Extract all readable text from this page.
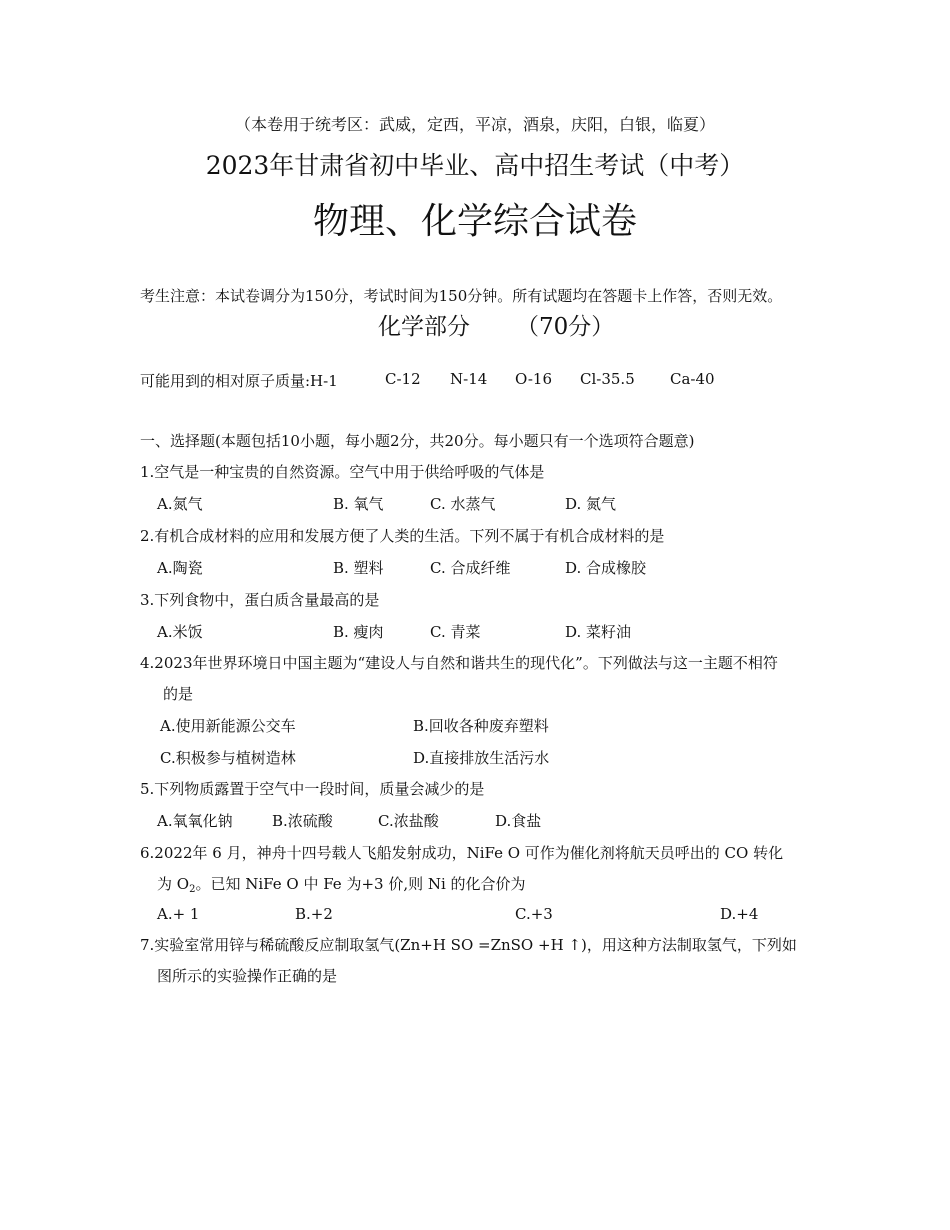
（本卷用于统考区：武威，定西，平凉，酒泉，庆阳，白银，临夏）
2023年甘肃省初中毕业、高中招生考试（中考）
物理、化学综合试卷
考生注意：本试卷调分为150分，考试时间为150分钟。所有试题均在答题卡上作答，否则无效。
化学部分 （70分）
可能用到的相对原子质量:H-1	C-12 N-14 O-16 Cl-35.5 Ca-40
一、选择题(本题包括10小题，每小题2分，共20分。每小题只有一个选项符合题意)
1.空气是一种宝贵的自然资源。空气中用于供给呼吸的气体是
A.氮气	B. 氧气	C. 水蒸气	D. 氮气
2.有机合成材料的应用和发展方便了人类的生活。下列不属于有机合成材料的是
A.陶瓷	B. 塑料	C. 合成纤维	D. 合成橡胶
3.下列食物中，蛋白质含量最高的是
A.米饭	B. 瘦肉	C. 青菜	D. 菜籽油
4.2023年世界环境日中国主题为“建设人与自然和谐共生的现代化”。下列做法与这一主题不相符
的是
A.使用新能源公交车	B.回收各种废弃塑料
C.积极参与植树造林	D.直接排放生活污水
5.下列物质露置于空气中一段时间，质量会减少的是
A.氧氧化钠	B.浓硫酸	C.浓盐酸	D.食盐
6.2022年 6 月，神舟十四号载人飞船发射成功，NiFe O 可作为催化剂将航天员呼出的 CO 转化
为 $O_2$。已知 NiFe O 中 Fe 为+3 价,则 Ni 的化合价为
A.+ 1	B.+2	C.+3	D.+4
7.实验室常用锌与稀硫酸反应制取氢气(Zn+H SO =ZnSO +H ↑)，用这种方法制取氢气，下列如
图所示的实验操作正确的是
